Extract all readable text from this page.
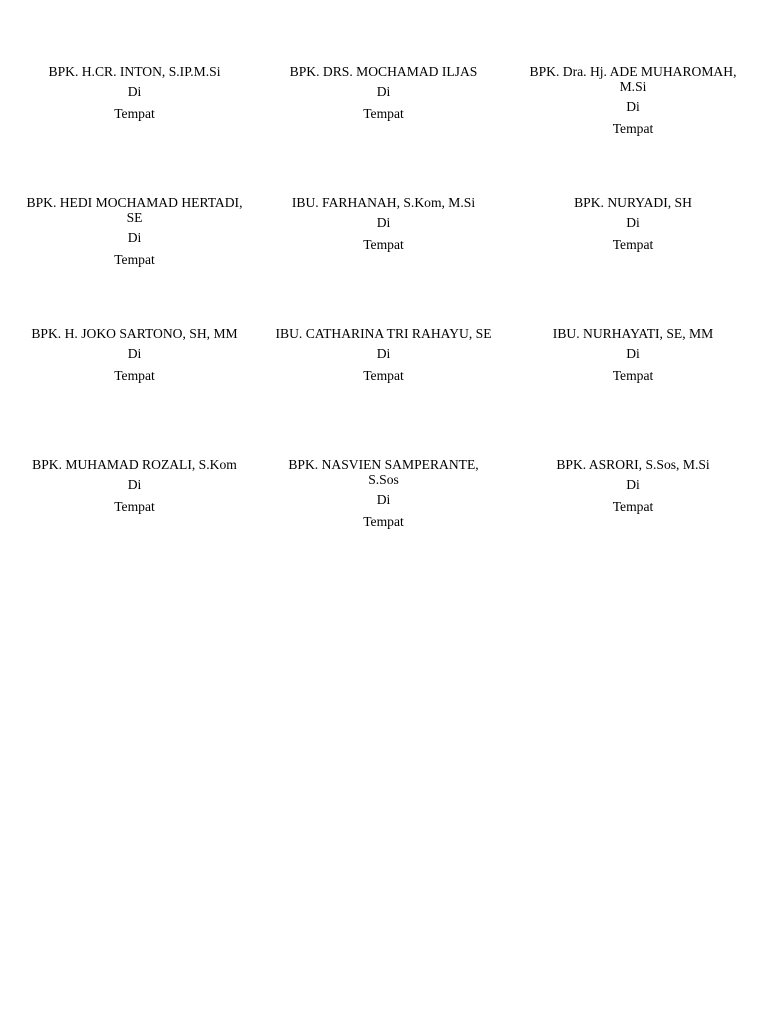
BPK. H.CR. INTON, S.IP.M.Si
Di
Tempat
BPK. DRS. MOCHAMAD ILJAS
Di
Tempat
BPK. Dra. Hj. ADE MUHAROMAH, M.Si
Di
Tempat
BPK. HEDI MOCHAMAD HERTADI, SE
Di
Tempat
IBU. FARHANAH, S.Kom, M.Si
Di
Tempat
BPK. NURYADI, SH
Di
Tempat
BPK. H. JOKO SARTONO, SH, MM
Di
Tempat
IBU. CATHARINA TRI RAHAYU, SE
Di
Tempat
IBU. NURHAYATI, SE, MM
Di
Tempat
BPK. MUHAMAD ROZALI, S.Kom
Di
Tempat
BPK. NASVIEN SAMPERANTE, S.Sos
Di
Tempat
BPK. ASRORI, S.Sos, M.Si
Di
Tempat
